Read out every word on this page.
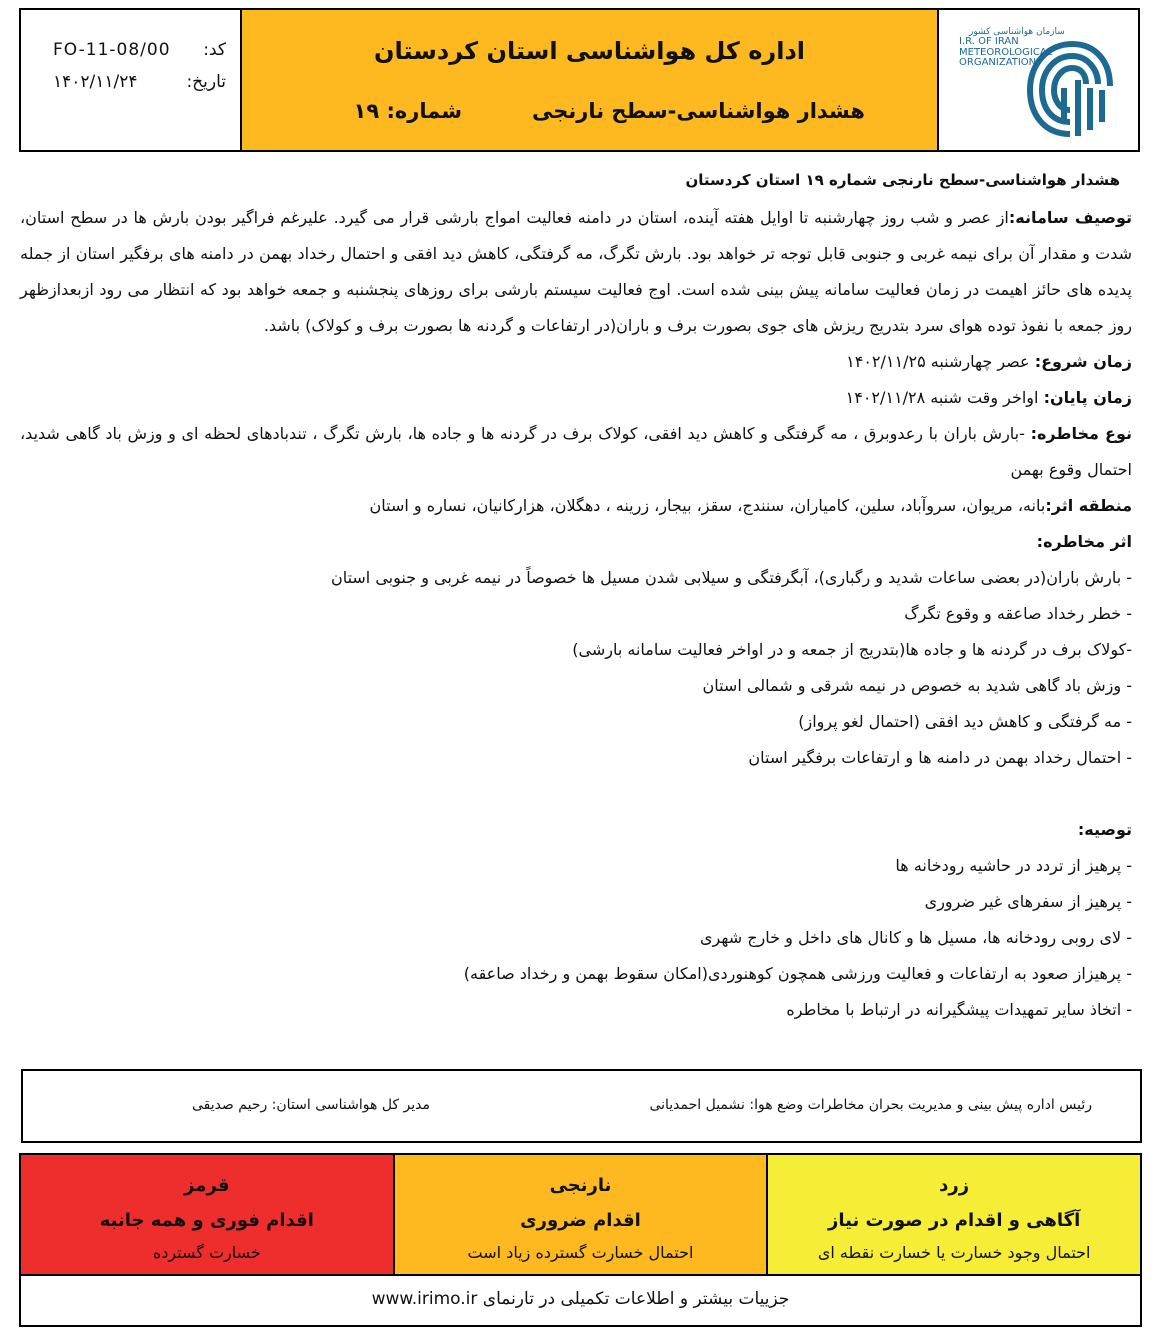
FO-11-08/00 کد:
۱۴۰۲/۱۱/۲۴	تاریخ:
اداره کل هواشناسی استان کردستان
هشدار هواشناسی-سطح نارنجی
شماره: ۱۹
سازمان هواشناسی کشور
I.R. OF IRAN
METEOROLOGICAL
ORGANIZATION
هشدار هواشناسی-سطح نارنجی شماره ۱۹ استان کردستان

توصیف سامانه:از عصر و شب روز چهارشنبه تا اوایل هفته آینده، استان در دامنه فعالیت امواج بارشی قرار می گیرد. علیرغم فراگیر بودن بارش ها در سطح استان، شدت و مقدار آن برای نیمه غربی و جنوبی قابل توجه تر خواهد بود. بارش تگرگ، مه گرفتگی، کاهش دید افقی و احتمال رخداد بهمن در دامنه های برفگیر استان از جمله پدیده های حائز اهیمت در زمان فعالیت سامانه پیش بینی شده است. اوج فعالیت سیستم بارشی برای روزهای پنجشنبه و جمعه خواهد بود که انتظار می رود ازبعدازظهر روز جمعه با نفوذ توده هوای سرد بتدریج ریزش های جوی بصورت برف و باران(در ارتفاعات و گردنه ها بصورت برف و کولاک) باشد.

زمان شروع: عصر چهارشنبه ۱۴۰۲/۱۱/۲۵

زمان پایان: اواخر وقت شنبه ۱۴۰۲/۱۱/۲۸

نوع مخاطره: -بارش باران با رعدوبرق ، مه گرفتگی و کاهش دید افقی، کولاک برف در گردنه ها و جاده ها، بارش تگرگ ، تندبادهای لحظه ای و وزش باد گاهی شدید، احتمال وقوع بهمن

منطقه اثر:بانه، مریوان، سروآباد، سلین، کامیاران، سنندج، سقز، بیجار، زرینه ، دهگلان، هزارکانیان، نساره و استان

اثر مخاطره:

- بارش باران(در بعضی ساعات شدید و رگباری)، آبگرفتگی و سیلابی شدن مسیل ها خصوصاً در نیمه غربی و جنوبی استان

- خطر رخداد صاعقه و وقوع تگرگ

-کولاک برف در گردنه ها و جاده ها(بتدریج از جمعه و در اواخر فعالیت سامانه بارشی)

- وزش باد گاهی شدید به خصوص در نیمه شرقی و شمالی استان

- مه گرفتگی و کاهش دید افقی (احتمال لغو پرواز)

- احتمال رخداد بهمن در دامنه ها و ارتفاعات برفگیر استان

توصیه:

- پرهیز از تردد در حاشیه رودخانه ها

- پرهیز از سفرهای غیر ضروری

- لای روبی رودخانه ها، مسیل ها و کانال های داخل و خارج شهری

- پرهیزاز صعود به ارتفاعات و فعالیت ورزشی همچون کوهنوردی(امکان سقوط بهمن و رخداد صاعقه)

- اتخاذ سایر تمهیدات پیشگیرانه در ارتباط با مخاطره

رئیس اداره پیش بینی و مدیریت بحران مخاطرات وضع هوا: نشمیل احمدیانی
مدیر کل هواشناسی استان: رحیم صدیقی
زرد
آگاهی و اقدام در صورت نیاز
احتمال وجود خسارت یا خسارت نقطه ای
نارنجی
اقدام ضروری
احتمال خسارت گسترده زیاد است
قرمز
اقدام فوری و همه جانبه
خسارت گسترده
جزییات بیشتر و اطلاعات تکمیلی در تارنمای www.irimo.ir
